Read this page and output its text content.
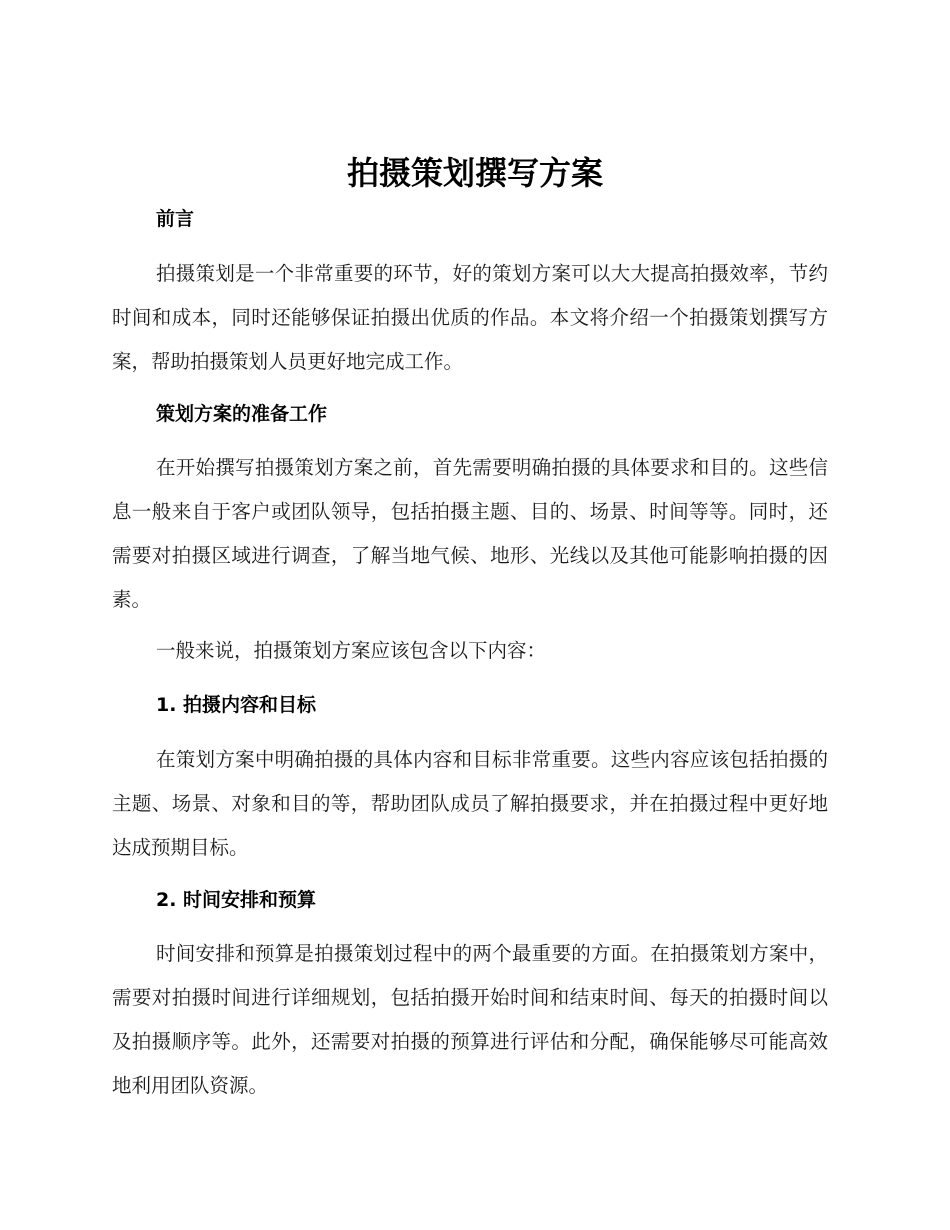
拍摄策划撰写方案
前言

拍摄策划是一个非常重要的环节，好的策划方案可以大大提高拍摄效率，节约时间和成本，同时还能够保证拍摄出优质的作品。本文将介绍一个拍摄策划撰写方案，帮助拍摄策划人员更好地完成工作。

策划方案的准备工作

在开始撰写拍摄策划方案之前，首先需要明确拍摄的具体要求和目的。这些信息一般来自于客户或团队领导，包括拍摄主题、目的、场景、时间等等。同时，还需要对拍摄区域进行调查，了解当地气候、地形、光线以及其他可能影响拍摄的因素。

一般来说，拍摄策划方案应该包含以下内容：

1. 拍摄内容和目标

在策划方案中明确拍摄的具体内容和目标非常重要。这些内容应该包括拍摄的主题、场景、对象和目的等，帮助团队成员了解拍摄要求，并在拍摄过程中更好地达成预期目标。

2. 时间安排和预算

时间安排和预算是拍摄策划过程中的两个最重要的方面。在拍摄策划方案中，需要对拍摄时间进行详细规划，包括拍摄开始时间和结束时间、每天的拍摄时间以及拍摄顺序等。此外，还需要对拍摄的预算进行评估和分配，确保能够尽可能高效地利用团队资源。
